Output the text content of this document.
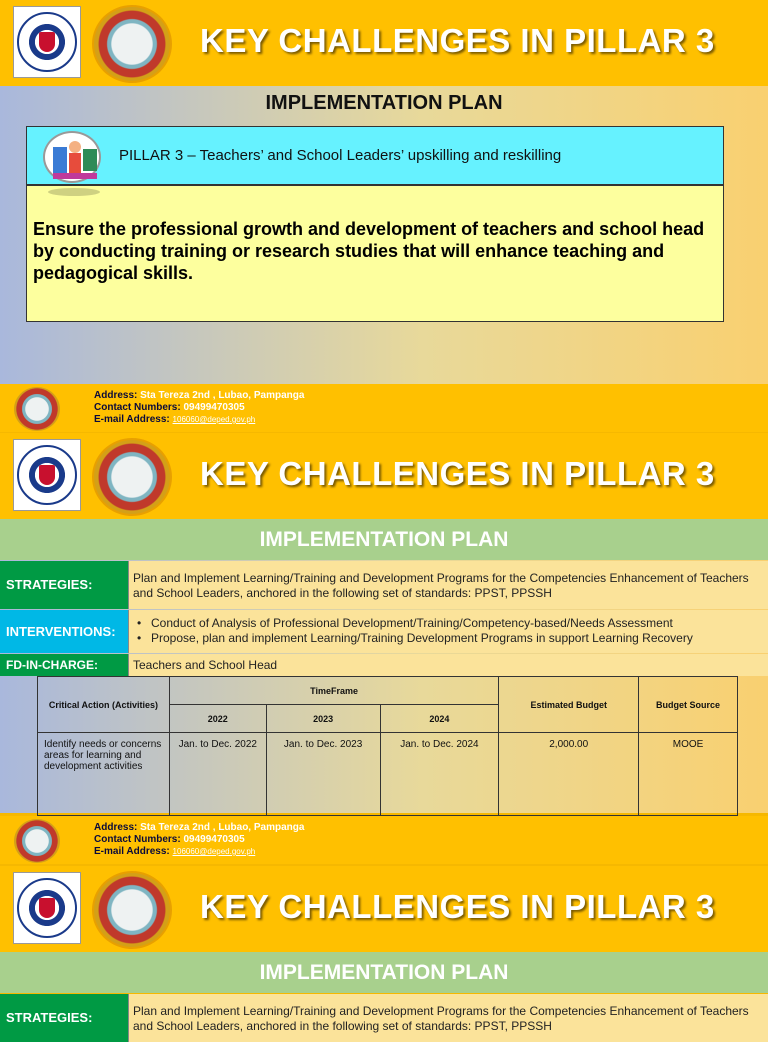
KEY CHALLENGES IN PILLAR 3
IMPLEMENTATION PLAN
PILLAR 3 – Teachers’ and School Leaders’ upskilling and reskilling
Ensure the professional growth and development of teachers and school head by conducting training or research studies that will enhance teaching and pedagogical skills.
Address: Sta Tereza 2nd , Lubao, Pampanga
Contact Numbers: 09499470305
E-mail Address: 106060@deped.gov.ph
KEY CHALLENGES IN PILLAR 3
IMPLEMENTATION PLAN
STRATEGIES:	Plan and Implement Learning/Training and Development Programs for the Competencies Enhancement of Teachers and School Leaders, anchored in the following set of standards: PPST, PPSSH
INTERVENTIONS:
• Conduct of Analysis of Professional Development/Training/Competency-based/Needs Assessment
• Propose, plan and implement Learning/Training Development Programs in support Learning Recovery
FD-IN-CHARGE:	Teachers and School Head
Critical Action (Activities)	TimeFrame			Estimated Budget	Budget Source
	2022	2023	2024		
Identify needs or concerns areas for learning and development activities	Jan. to Dec. 2022	Jan. to Dec. 2023	Jan. to Dec. 2024	2,000.00	MOOE
Address: Sta Tereza 2nd , Lubao, Pampanga
Contact Numbers: 09499470305
E-mail Address: 106060@deped.gov.ph
KEY CHALLENGES IN PILLAR 3
IMPLEMENTATION PLAN
STRATEGIES:	Plan and Implement Learning/Training and Development Programs for the Competencies Enhancement of Teachers and School Leaders, anchored in the following set of standards: PPST, PPSSH
